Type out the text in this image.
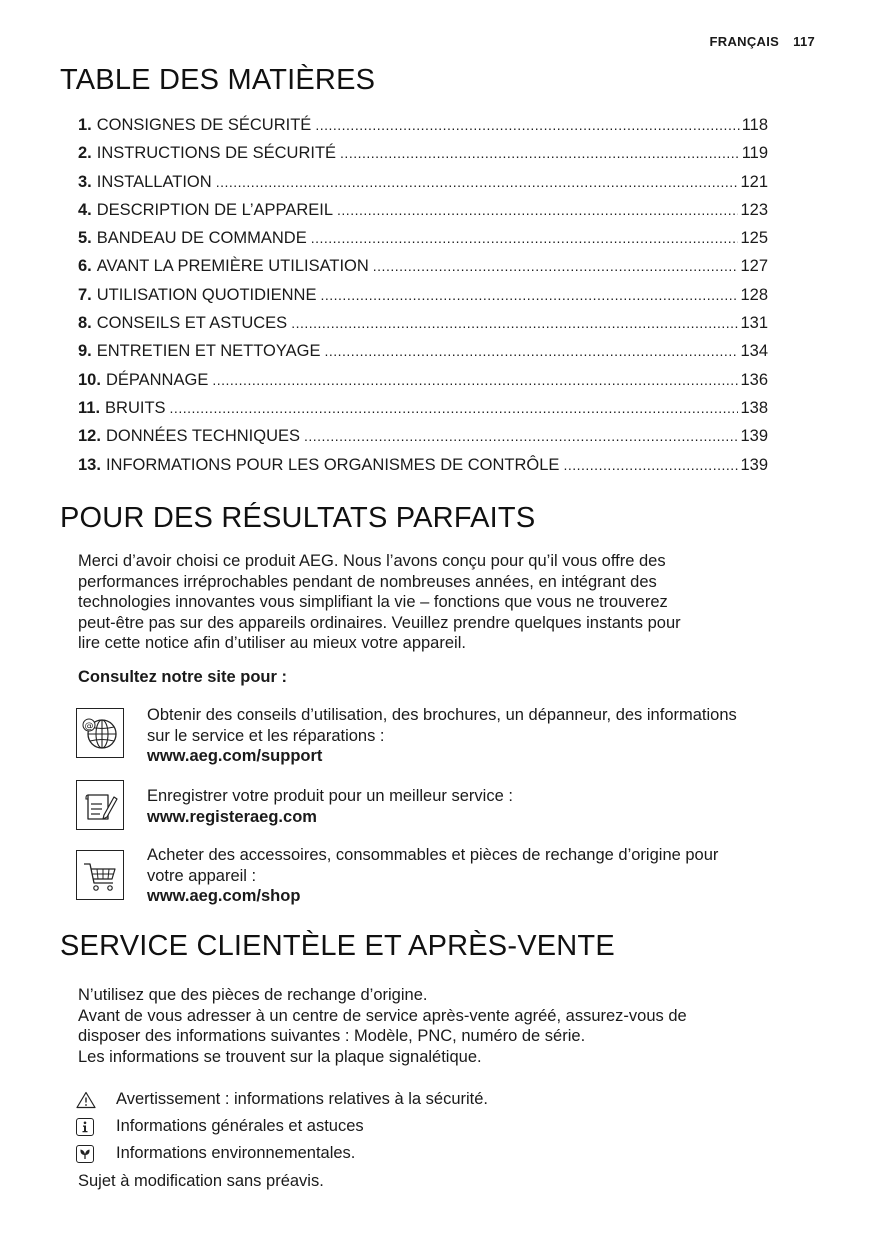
FRANÇAIS 117
TABLE DES MATIÈRES
1. CONSIGNES DE SÉCURITÉ .....	118
2. INSTRUCTIONS DE SÉCURITÉ .....	119
3. INSTALLATION .....	121
4. DESCRIPTION DE L’APPAREIL .....	123
5. BANDEAU DE COMMANDE .....	125
6. AVANT LA PREMIÈRE UTILISATION .....	127
7. UTILISATION QUOTIDIENNE .....	128
8. CONSEILS ET ASTUCES .....	131
9. ENTRETIEN ET NETTOYAGE .....	134
10. DÉPANNAGE .....	136
11. BRUITS .....	138
12. DONNÉES TECHNIQUES .....	139
13. INFORMATIONS POUR LES ORGANISMES DE CONTRÔLE .....	139
POUR DES RÉSULTATS PARFAITS
Merci d’avoir choisi ce produit AEG. Nous l’avons conçu pour qu’il vous offre des
performances irréprochables pendant de nombreuses années, en intégrant des
technologies innovantes vous simplifiant la vie – fonctions que vous ne trouverez
peut-être pas sur des appareils ordinaires. Veuillez prendre quelques instants pour
lire cette notice afin d’utiliser au mieux votre appareil.
Consultez notre site pour :
@
Obtenir des conseils d’utilisation, des brochures, un dépanneur, des informations
sur le service et les réparations :
www.aeg.com/support
Enregistrer votre produit pour un meilleur service :
www.registeraeg.com
Acheter des accessoires, consommables et pièces de rechange d’origine pour
votre appareil :
www.aeg.com/shop
SERVICE CLIENTÈLE ET APRÈS-VENTE
N’utilisez que des pièces de rechange d’origine.
Avant de vous adresser à un centre de service après-vente agréé, assurez-vous de
disposer des informations suivantes : Modèle, PNC, numéro de série.
Les informations se trouvent sur la plaque signalétique.
Avertissement : informations relatives à la sécurité.
Informations générales et astuces
Informations environnementales.
Sujet à modification sans préavis.
